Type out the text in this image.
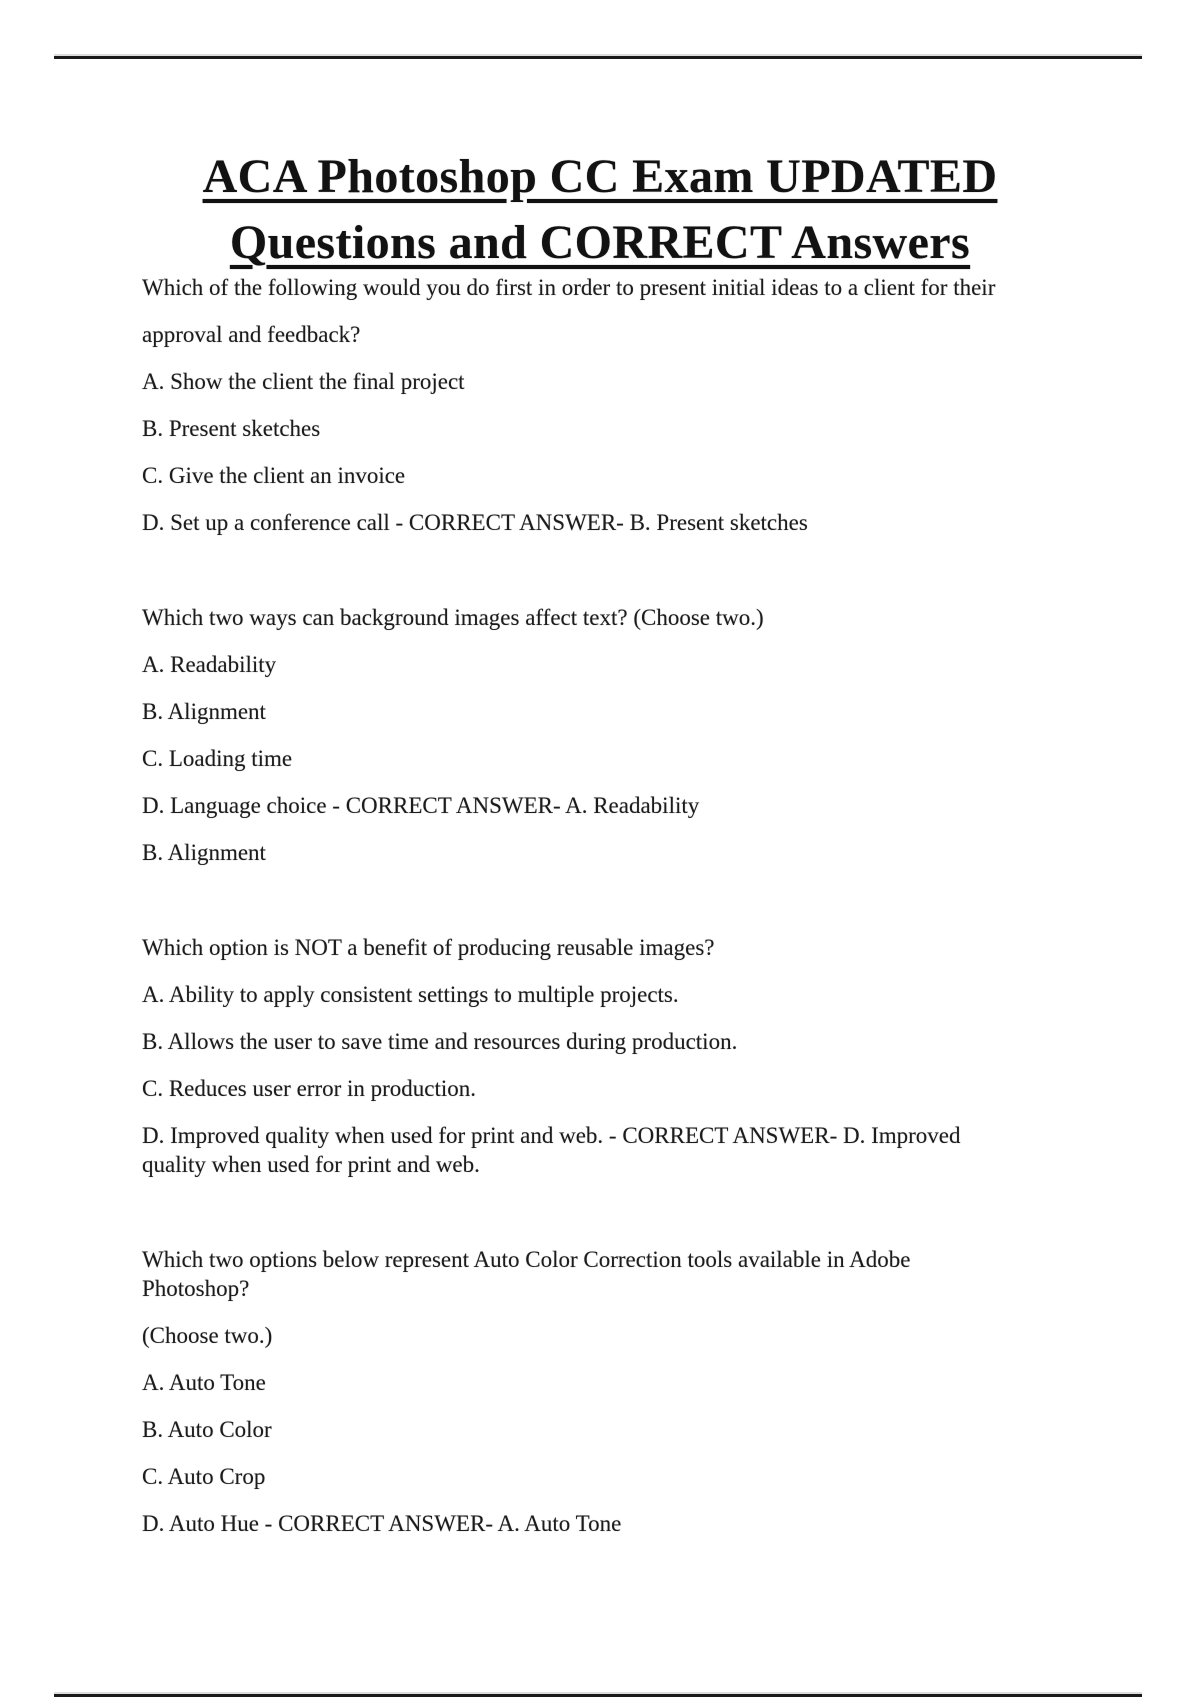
ACA Photoshop CC Exam UPDATED
Questions and CORRECT Answers

Which of the following would you do first in order to present initial ideas to a client for their

approval and feedback?

A. Show the client the final project

B. Present sketches

C. Give the client an invoice

D. Set up a conference call - CORRECT ANSWER- B. Present sketches

Which two ways can background images affect text? (Choose two.)

A. Readability

B. Alignment

C. Loading time

D. Language choice - CORRECT ANSWER- A. Readability

B. Alignment

Which option is NOT a benefit of producing reusable images?

A. Ability to apply consistent settings to multiple projects.

B. Allows the user to save time and resources during production.

C. Reduces user error in production.

D. Improved quality when used for print and web. - CORRECT ANSWER- D. Improved

quality when used for print and web.

Which two options below represent Auto Color Correction tools available in Adobe

Photoshop?

(Choose two.)

A. Auto Tone

B. Auto Color

C. Auto Crop

D. Auto Hue - CORRECT ANSWER- A. Auto Tone
